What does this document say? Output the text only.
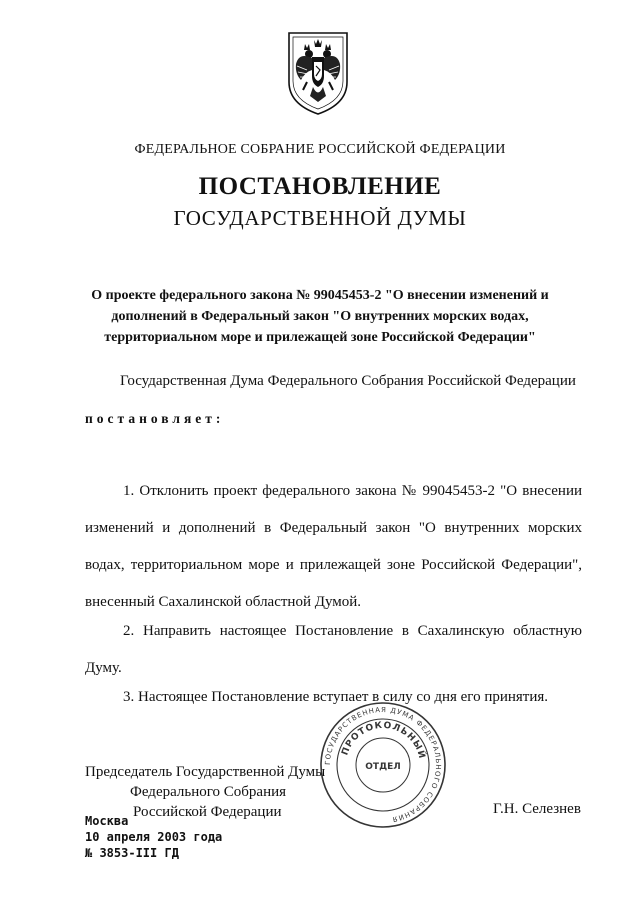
ФЕДЕРАЛЬНОЕ СОБРАНИЕ РОССИЙСКОЙ ФЕДЕРАЦИИ
ПОСТАНОВЛЕНИЕ
ГОСУДАРСТВЕННОЙ ДУМЫ
О проекте федерального закона № 99045453-2 "О внесении изменений и
дополнений в Федеральный закон "О внутренних морских водах,
территориальном море и прилежащей зоне Российской Федерации"
Государственная Дума Федерального Собрания Российской Федерации
постановляет:
1. Отклонить проект федерального закона № 99045453-2 "О внесении
изменений и дополнений в Федеральный закон "О внутренних морских
водах, территориальном море и прилежащей зоне Российской Федерации",
внесенный Сахалинской областной Думой.
2. Направить настоящее Постановление в Сахалинскую областную
Думу.
3. Настоящее Постановление вступает в силу со дня его принятия.
Председатель Государственной Думы
Федерального Собрания
Российской Федерации	Г.Н. Селезнев
ГОСУДАРСТВЕННАЯ ДУМА ФЕДЕРАЛЬНОГО СОБРАНИЯ
ПРОТОКОЛЬНЫЙ
ОТДЕЛ
Москва
10 апреля 2003 года
№ 3853-III ГД
